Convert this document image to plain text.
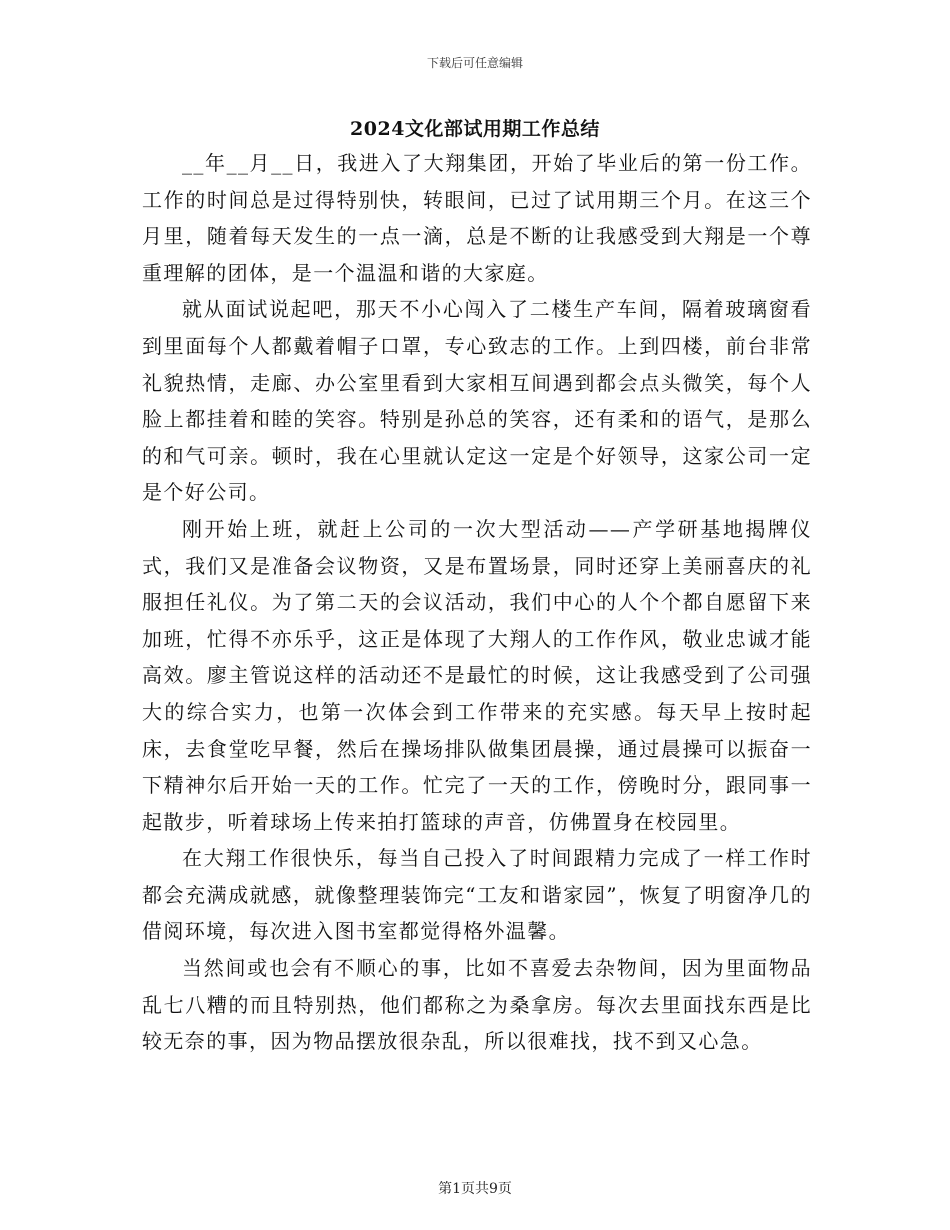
下载后可任意编辑
2024文化部试用期工作总结

__年__月__日，我进入了大翔集团，开始了毕业后的第一份工作。工作的时间总是过得特别快，转眼间，已过了试用期三个月。在这三个月里，随着每天发生的一点一滴，总是不断的让我感受到大翔是一个尊重理解的团体，是一个温温和谐的大家庭。

就从面试说起吧，那天不小心闯入了二楼生产车间，隔着玻璃窗看到里面每个人都戴着帽子口罩，专心致志的工作。上到四楼，前台非常礼貌热情，走廊、办公室里看到大家相互间遇到都会点头微笑，每个人脸上都挂着和睦的笑容。特别是孙总的笑容，还有柔和的语气，是那么的和气可亲。顿时，我在心里就认定这一定是个好领导，这家公司一定是个好公司。

刚开始上班，就赶上公司的一次大型活动——产学研基地揭牌仪式，我们又是准备会议物资，又是布置场景，同时还穿上美丽喜庆的礼服担任礼仪。为了第二天的会议活动，我们中心的人个个都自愿留下来加班，忙得不亦乐乎，这正是体现了大翔人的工作作风，敬业忠诚才能高效。廖主管说这样的活动还不是最忙的时候，这让我感受到了公司强大的综合实力，也第一次体会到工作带来的充实感。每天早上按时起床，去食堂吃早餐，然后在操场排队做集团晨操，通过晨操可以振奋一下精神尔后开始一天的工作。忙完了一天的工作，傍晚时分，跟同事一起散步，听着球场上传来拍打篮球的声音，仿佛置身在校园里。

在大翔工作很快乐，每当自己投入了时间跟精力完成了一样工作时都会充满成就感，就像整理装饰完“工友和谐家园”，恢复了明窗净几的借阅环境，每次进入图书室都觉得格外温馨。

当然间或也会有不顺心的事，比如不喜爱去杂物间，因为里面物品乱七八糟的而且特别热，他们都称之为桑拿房。每次去里面找东西是比较无奈的事，因为物品摆放很杂乱，所以很难找，找不到又心急。

第1页共9页
